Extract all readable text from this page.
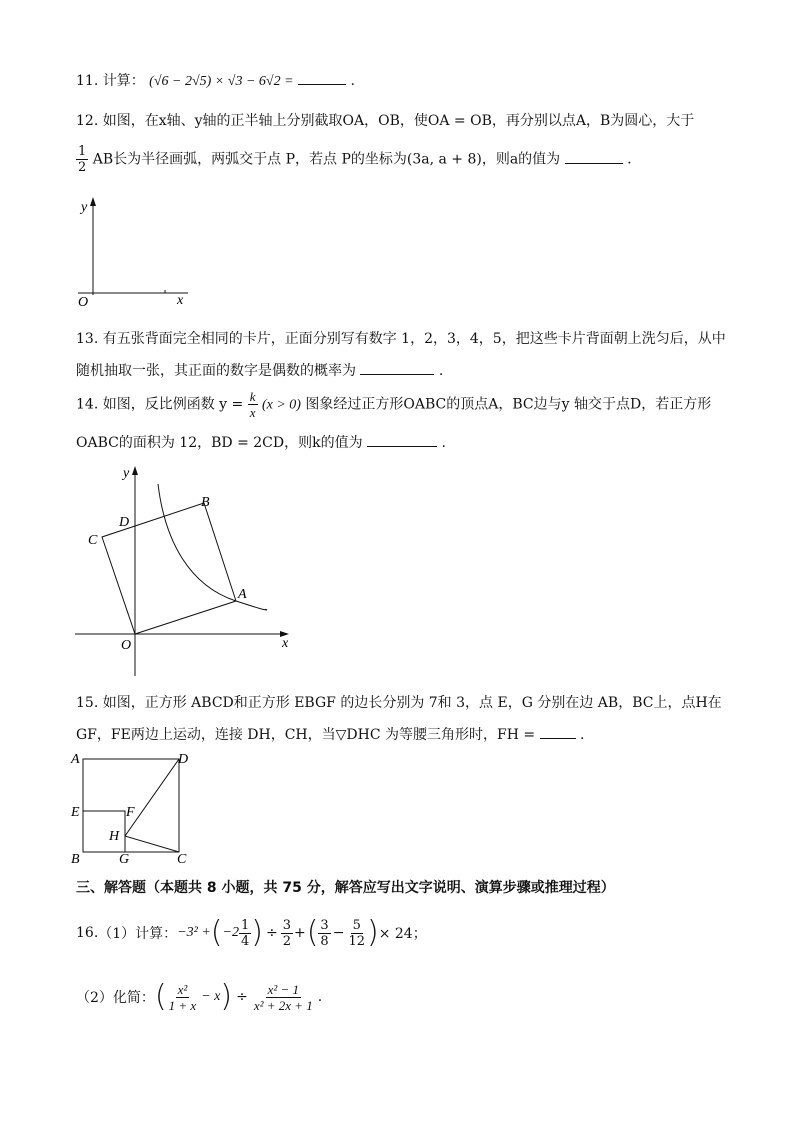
11. 计算： (√6 − 2√5) × √3 − 6√2 =	.
12. 如图，在x轴、y轴的正半轴上分别截取OA，OB，使OA = OB，再分别以点A，B为圆心，大于
$\frac{1}{2}$ AB长为半径画弧，两弧交于点 P，若点 P的坐标为(3a, a + 8)，则a的值为	.
y
x
O
13. 有五张背面完全相同的卡片，正面分别写有数字 1，2，3，4，5，把这些卡片背面朝上洗匀后，从中
随机抽取一张，其正面的数字是偶数的概率为	.
14. 如图，反比例函数 $y = \frac{k}{x} (x > 0)$ 图象经过正方形OABC的顶点A，BC边与y 轴交于点D，若正方形
OABC的面积为 12，BD = 2CD，则k的值为	.
y
x
O
A
B
C
D
15. 如图，正方形 ABCD和正方形 EBGF 的边长分别为 7和 3，点 E，G 分别在边 AB，BC上，点H在
GF，FE两边上运动，连接 DH，CH，当▽DHC 为等腰三角形时，FH =	.
A	D
E	F
H
B	G	C
三、解答题（本题共 8 小题，共 75 分，解答应写出文字说明、演算步骤或推理过程）
16. （1）计算： −3² + ( $-2 \frac{1}{4}$ ) ÷ $\frac{3}{2}$ + ( $\frac{3}{8} - \frac{5}{12}$ ) × 24；
（2）化简： ( $\frac{\text{x²}}{1 + x} - x$ ) ÷ $\frac{\text{x² − 1}}{\text{x² + 2x + 1}}$ .
